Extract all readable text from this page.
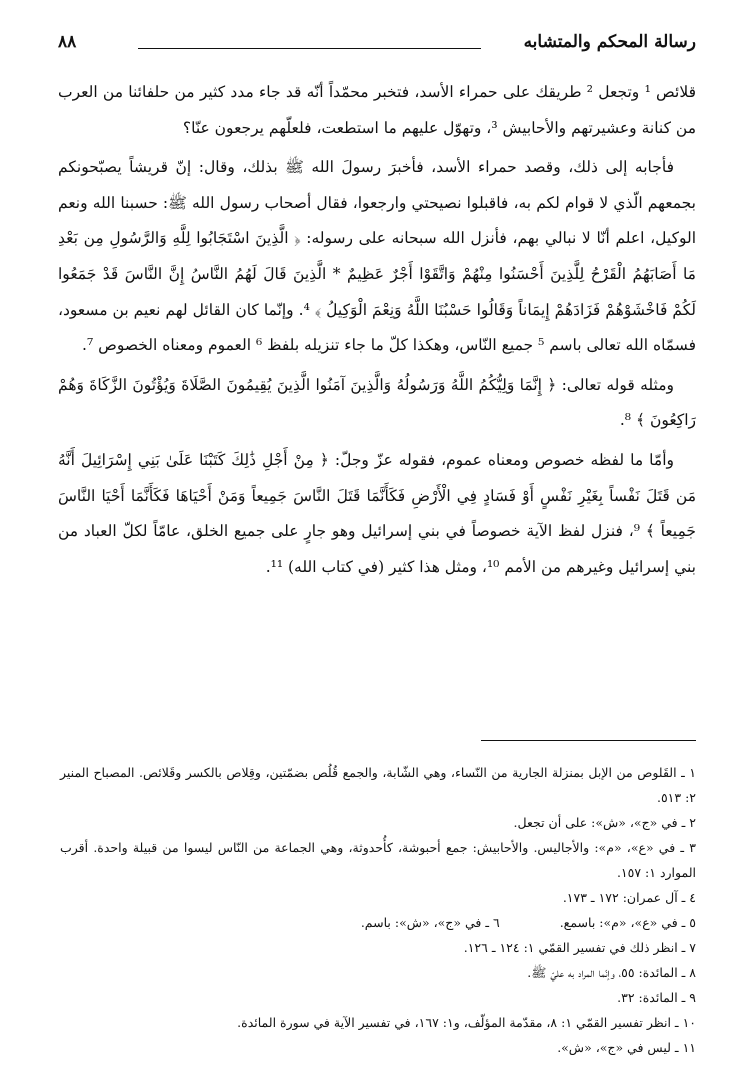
٨٨	رسالة المحكم والمتشابه

قلائص ¹ وتجعل ² طريقك على حمراء الأسد، فتخبر محمّداً أنّه قد جاء مدد كثير من حلفائنا من العرب من كنانة وعشيرتهم والأحابيش ³، وتهوّل عليهم ما استطعت، فلعلّهم يرجعون عنّا؟

فأجابه إلى ذلك، وقصد حمراء الأسد، فأخبرَ رسولَ الله ﷺ بذلك، وقال: إنّ قريشاً يصبّحونكم بجمعهم الّذي لا قوام لكم به، فاقبلوا نصيحتي وارجعوا، فقال أصحاب رسول الله ﷺ: حسبنا الله ونعم الوكيل، اعلم أنّا لا نبالي بهم، فأنزل الله سبحانه على رسوله: ﴿ الَّذِينَ اسْتَجَابُوا لِلَّهِ وَالرَّسُولِ مِن بَعْدِ مَا أَصَابَهُمُ الْقَرْحُ لِلَّذِينَ أَحْسَنُوا مِنْهُمْ وَاتَّقَوْا أَجْرٌ عَظِيمٌ * الَّذِينَ قَالَ لَهُمُ النَّاسُ إِنَّ النَّاسَ قَدْ جَمَعُوا لَكُمْ فَاخْشَوْهُمْ فَزَادَهُمْ إِيمَاناً وَقَالُوا حَسْبُنَا اللَّهُ وَنِعْمَ الْوَكِيلُ ﴾ ⁴. وإنّما كان القائل لهم نعيم بن مسعود، فسمّاه الله تعالى باسم ⁵ جميع النّاس، وهكذا كلّ ما جاء تنزيله بلفظ ⁶ العموم ومعناه الخصوص ⁷.

ومثله قوله تعالى: ﴿ إِنَّمَا وَلِيُّكُمُ اللَّهُ وَرَسُولُهُ وَالَّذِينَ آمَنُوا الَّذِينَ يُقِيمُونَ الصَّلَاةَ وَيُؤْتُونَ الزَّكَاةَ وَهُمْ رَاكِعُونَ ﴾ ⁸.

وأمّا ما لفظه خصوص ومعناه عموم، فقوله عزّ وجلّ: ﴿ مِنْ أَجْلِ ذَٰلِكَ كَتَبْنَا عَلَىٰ بَنِي إِسْرَائِيلَ أَنَّهُ مَن قَتَلَ نَفْساً بِغَيْرِ نَفْسٍ أَوْ فَسَادٍ فِي الْأَرْضِ فَكَأَنَّمَا قَتَلَ النَّاسَ جَمِيعاً وَمَنْ أَحْيَاهَا فَكَأَنَّمَا أَحْيَا النَّاسَ جَمِيعاً ﴾ ⁹، فنزل لفظ الآية خصوصاً في بني إسرائيل وهو جارٍ على جميع الخلق، عامّاً لكلّ العباد من بني إسرائيل وغيرهم من الأمم ¹⁰، ومثل هذا كثير (في كتاب الله) ¹¹.

١ ـ القَلوص من الإبل بمنزلة الجارية من النّساء، وهي الشّابة، والجمع قُلُص بضمّتين، وقِلاص بالكسر وقَلائص. المصباح المنير ٢: ٥١٣.
٢ ـ في «ج»، «ش»: على أن تجعل.
٣ ـ في «ع»، «م»: والأجاليس. والأحابيش: جمع أحبوشة، كأُحدوثة، وهي الجماعة من النّاس ليسوا من قبيلة واحدة. أقرب الموارد ١: ١٥٧.
٤ ـ آل عمران: ١٧٢ ـ ١٧٣.
٥ ـ في «ع»، «م»: باسمع.
٦ ـ في «ج»، «ش»: باسم.
٧ ـ انظر ذلك في تفسير القمّي ١: ١٢٤ ـ ١٢٦.
٨ ـ المائدة: ٥٥، وإنّما المراد به عليّ ﷺ.
٩ ـ المائدة: ٣٢.
١٠ ـ انظر تفسير القمّي ١: ٨، مقدّمة المؤلّف، و١: ١٦٧، في تفسير الآية في سورة المائدة.
١١ ـ ليس في «ج»، «ش».
